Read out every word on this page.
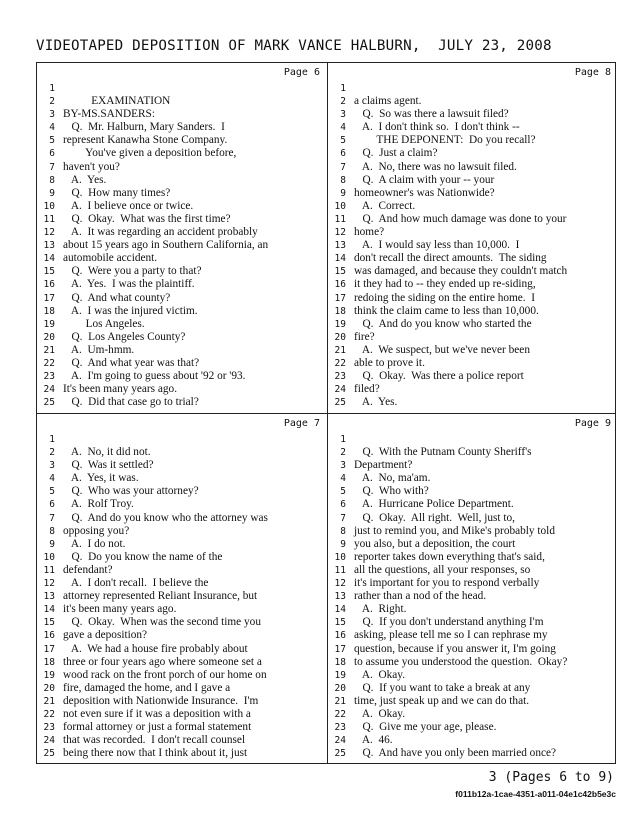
VIDEOTAPED DEPOSITION OF MARK VANCE HALBURN,  JULY 23, 2008
Page 6
1
2 EXAMINATION
3 BY-MS.SANDERS:
4 Q.  Mr. Halburn, Mary Sanders.  I
5 represent Kanawha Stone Company.
6 You've given a deposition before,
7 haven't you?
8 A.  Yes.
9 Q.  How many times?
10 A.  I believe once or twice.
11 Q.  Okay.  What was the first time?
12 A.  It was regarding an accident probably
13 about 15 years ago in Southern California, an
14 automobile accident.
15 Q.  Were you a party to that?
16 A.  Yes.  I was the plaintiff.
17 Q.  And what county?
18 A.  I was the injured victim.
19 Los Angeles.
20 Q.  Los Angeles County?
21 A.  Um-hmm.
22 Q.  And what year was that?
23 A.  I'm going to guess about '92 or '93.
24 It's been many years ago.
25 Q.  Did that case go to trial?
Page 8
1
2 a claims agent.
3 Q.  So was there a lawsuit filed?
4 A.  I don't think so.  I don't think --
5 THE DEPONENT:  Do you recall?
6 Q.  Just a claim?
7 A.  No, there was no lawsuit filed.
8 Q.  A claim with your -- your
9 homeowner's was Nationwide?
10 A.  Correct.
11 Q.  And how much damage was done to your
12 home?
13 A.  I would say less than 10,000.  I
14 don't recall the direct amounts.  The siding
15 was damaged, and because they couldn't match
16 it they had to -- they ended up re-siding,
17 redoing the siding on the entire home.  I
18 think the claim came to less than 10,000.
19 Q.  And do you know who started the
20 fire?
21 A.  We suspect, but we've never been
22 able to prove it.
23 Q.  Okay.  Was there a police report
24 filed?
25 A.  Yes.
Page 7
1
2 A.  No, it did not.
3 Q.  Was it settled?
4 A.  Yes, it was.
5 Q.  Who was your attorney?
6 A.  Rolf Troy.
7 Q.  And do you know who the attorney was
8 opposing you?
9 A.  I do not.
10 Q.  Do you know the name of the
11 defendant?
12 A.  I don't recall.  I believe the
13 attorney represented Reliant Insurance, but
14 it's been many years ago.
15 Q.  Okay.  When was the second time you
16 gave a deposition?
17 A.  We had a house fire probably about
18 three or four years ago where someone set a
19 wood rack on the front porch of our home on
20 fire, damaged the home, and I gave a
21 deposition with Nationwide Insurance.  I'm
22 not even sure if it was a deposition with a
23 formal attorney or just a formal statement
24 that was recorded.  I don't recall counsel
25 being there now that I think about it, just
Page 9
1
2 Q.  With the Putnam County Sheriff's
3 Department?
4 A.  No, ma'am.
5 Q.  Who with?
6 A.  Hurricane Police Department.
7 Q.  Okay.  All right.  Well, just to,
8 just to remind you, and Mike's probably told
9 you also, but a deposition, the court
10 reporter takes down everything that's said,
11 all the questions, all your responses, so
12 it's important for you to respond verbally
13 rather than a nod of the head.
14 A.  Right.
15 Q.  If you don't understand anything I'm
16 asking, please tell me so I can rephrase my
17 question, because if you answer it, I'm going
18 to assume you understood the question.  Okay?
19 A.  Okay.
20 Q.  If you want to take a break at any
21 time, just speak up and we can do that.
22 A.  Okay.
23 Q.  Give me your age, please.
24 A.  46.
25 Q.  And have you only been married once?
3 (Pages 6 to 9)
f011b12a-1cae-4351-a011-04e1c42b5e3c
